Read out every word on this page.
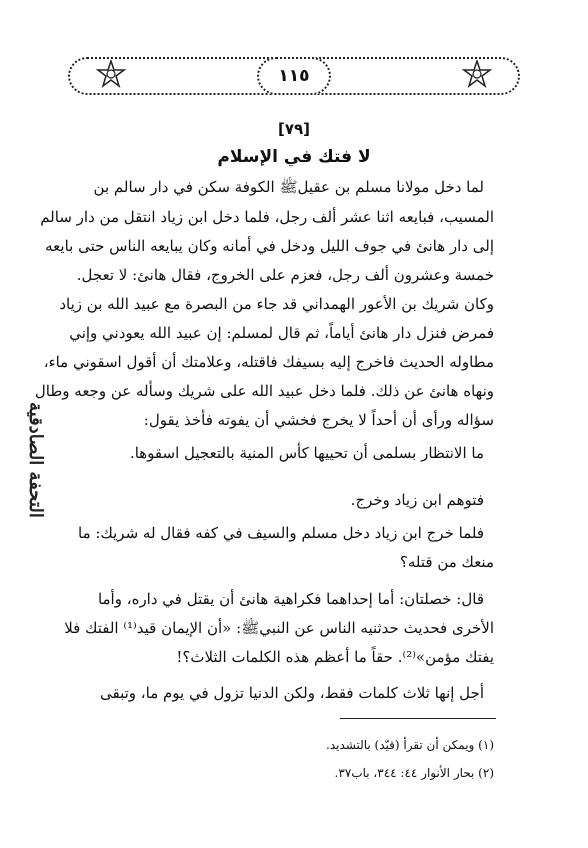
١١٥
[٧٩]
لا فتك في الإسلام
التحفة الصادقية
لما دخل مولانا مسلم بن عقيلﷺ الكوفة سكن في دار سالم بن
المسيب، فبايعه اثنا عشر ألف رجل، فلما دخل ابن زياد انتقل من دار سالم
إلى دار هانئ في جوف الليل ودخل في أمانه وكان يبايعه الناس حتى بايعه
خمسة وعشرون ألف رجل، فعزم على الخروج، فقال هانئ: لا تعجل.
وكان شريك بن الأعور الهمداني قد جاء من البصرة مع عبيد الله بن زياد
فمرض فنزل دار هانئ أياماً، ثم قال لمسلم: إن عبيد الله يعودني وإني
مطاوله الحديث فاخرج إليه بسيفك فاقتله، وعلامتك أن أقول اسقوني ماء،
ونهاه هانئ عن ذلك. فلما دخل عبيد الله على شريك وسأله عن وجعه وطال
سؤاله ورأى أن أحداً لا يخرج فخشي أن يفوته فأخذ يقول:
ما الانتظار بسلمى أن تحييها كأس المنية بالتعجيل اسقوها.
فتوهم ابن زياد وخرج.
فلما خرج ابن زياد دخل مسلم والسيف في كفه فقال له شريك: ما
منعك من قتله؟
قال: خصلتان: أما إحداهما فكراهية هانئ أن يقتل في داره، وأما
الأخرى فحديث حدثنيه الناس عن النبيﷺ: «أن الإيمان قيد⁽¹⁾ الفتك فلا
يفتك مؤمن»⁽²⁾. حقاً ما أعظم هذه الكلمات الثلاث؟!
أجل إنها ثلاث كلمات فقط، ولكن الدنيا تزول في يوم ما، وتبقى
(١) ويمكن أن تقرأ (قيّد) بالتشديد.
(٢) بحار الأنوار ٤٤: ٣٤٤، باب٣٧.
